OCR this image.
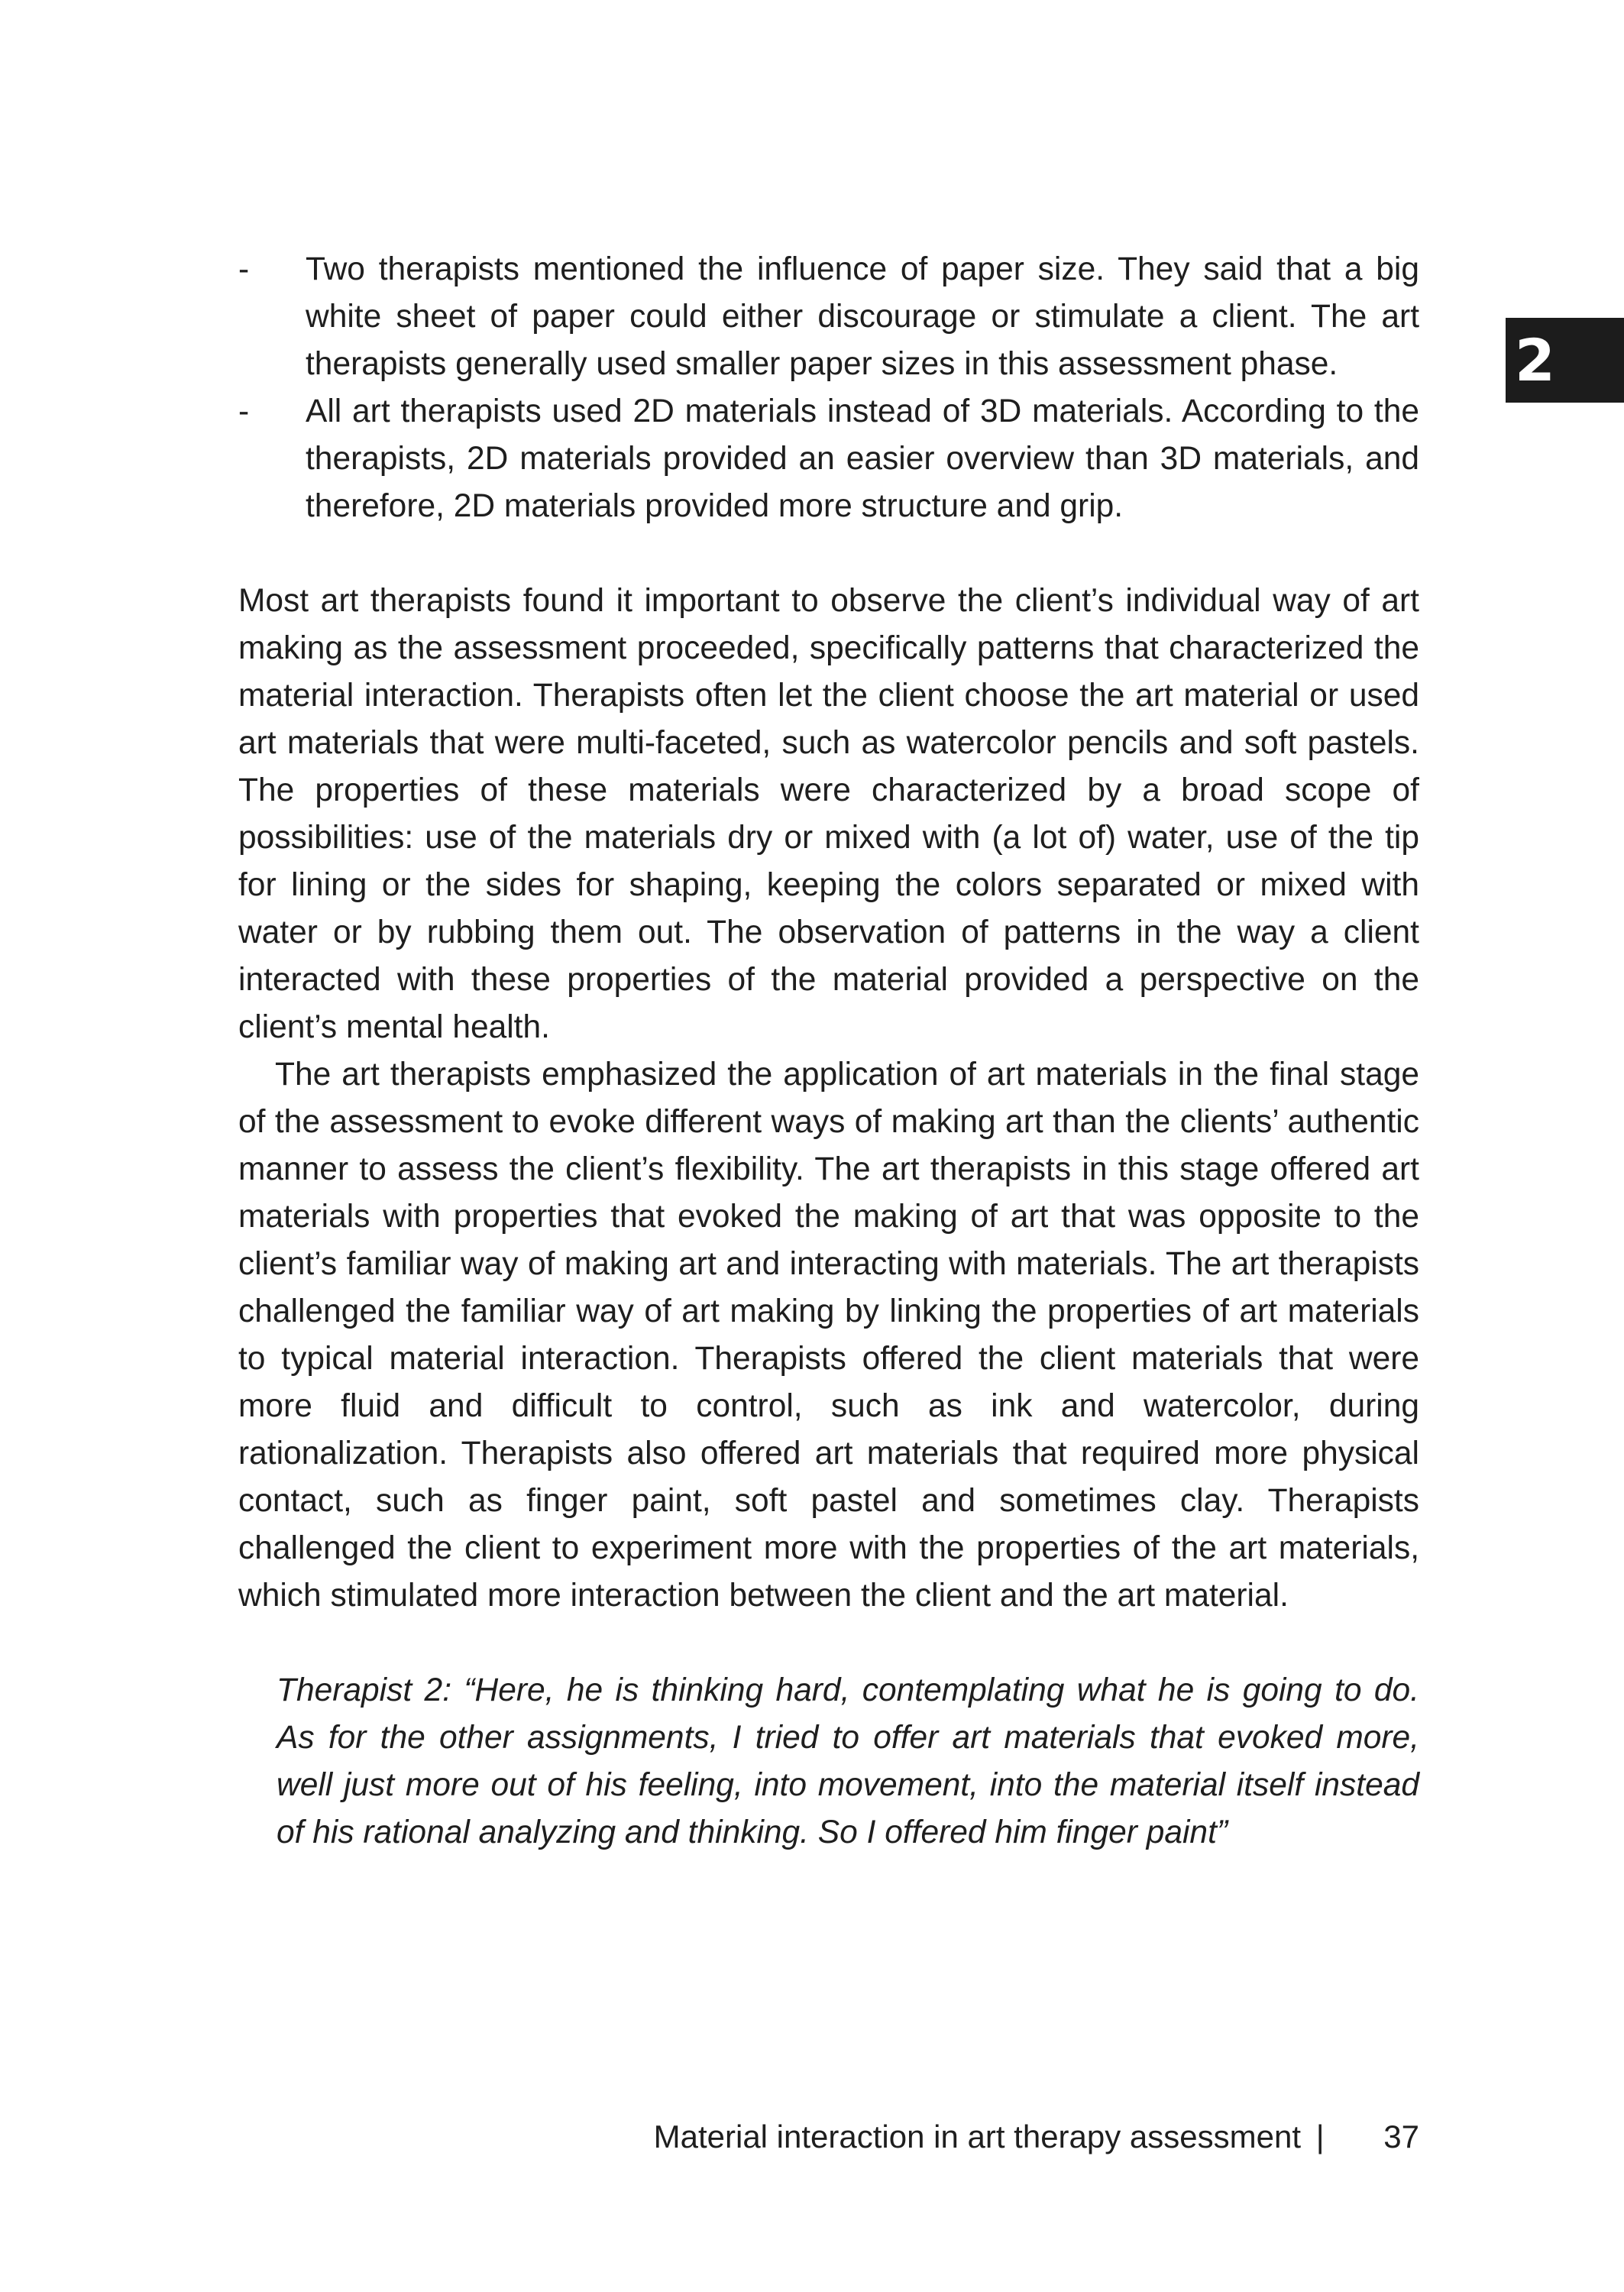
2
- Two therapists mentioned the influence of paper size. They said that a big white sheet of paper could either discourage or stimulate a client. The art therapists generally used smaller paper sizes in this assessment phase.
- All art therapists used 2D materials instead of 3D materials. According to the therapists, 2D materials provided an easier overview than 3D materials, and therefore, 2D materials provided more structure and grip.

Most art therapists found it important to observe the client’s individual way of art making as the assessment proceeded, specifically patterns that characterized the material interaction. Therapists often let the client choose the art material or used art materials that were multi-faceted, such as watercolor pencils and soft pastels. The properties of these materials were characterized by a broad scope of possibilities: use of the materials dry or mixed with (a lot of) water, use of the tip for lining or the sides for shaping, keeping the colors separated or mixed with water or by rubbing them out. The observation of patterns in the way a client interacted with these properties of the material provided a perspective on the client’s mental health.

The art therapists emphasized the application of art materials in the final stage of the assessment to evoke different ways of making art than the clients’ authentic manner to assess the client’s flexibility. The art therapists in this stage offered art materials with properties that evoked the making of art that was opposite to the client’s familiar way of making art and interacting with materials. The art therapists challenged the familiar way of art making by linking the properties of art materials to typical material interaction. Therapists offered the client materials that were more fluid and difficult to control, such as ink and watercolor, during rationalization. Therapists also offered art materials that required more physical contact, such as finger paint, soft pastel and sometimes clay. Therapists challenged the client to experiment more with the properties of the art materials, which stimulated more interaction between the client and the art material.

Therapist 2: “Here, he is thinking hard, contemplating what he is going to do. As for the other assignments, I tried to offer art materials that evoked more, well just more out of his feeling, into movement, into the material itself instead of his rational analyzing and thinking. So I offered him finger paint”

Material interaction in art therapy assessment | 37
